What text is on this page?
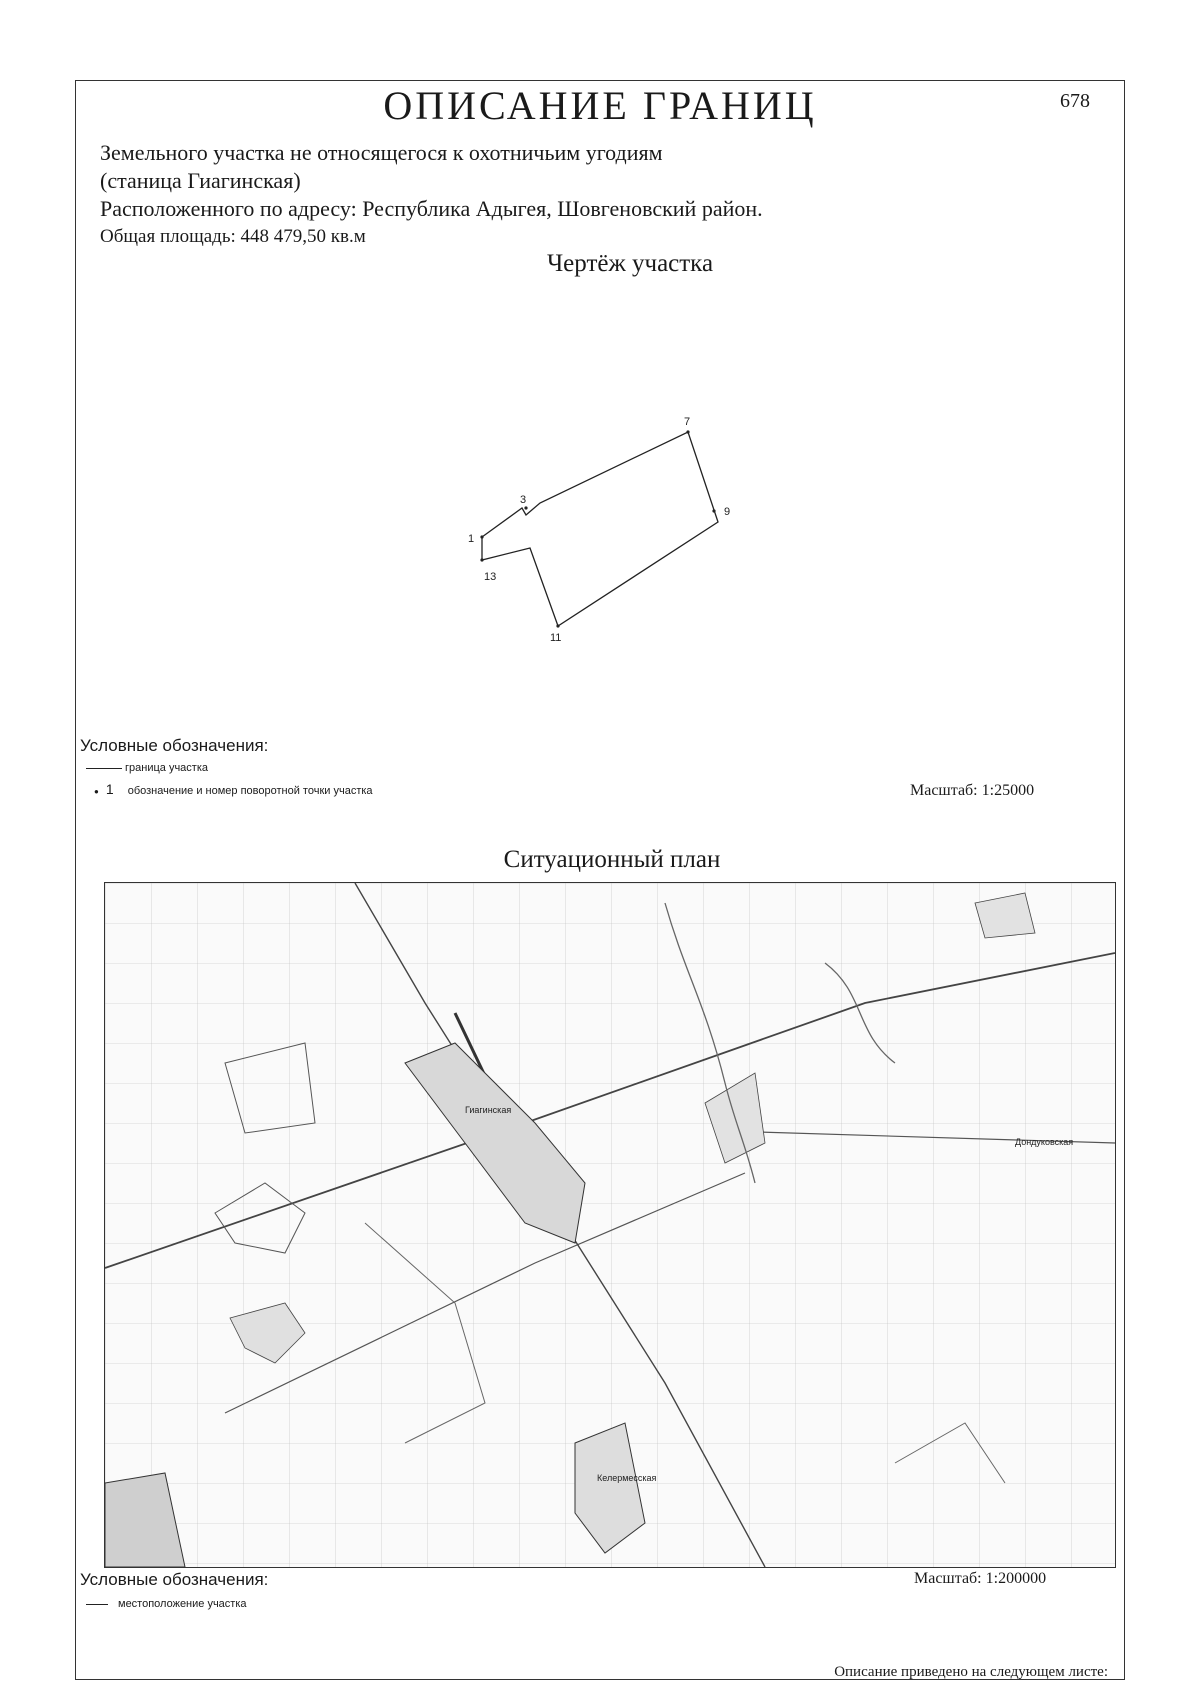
ОПИСАНИЕ ГРАНИЦ	678
Земельного участка не относящегося к охотничьим угодиям
(станица Гиагинская)
Расположенного по адресу: Республика Адыгея, Шовгеновский район.
Общая площадь: 448 479,50 кв.м
Чертёж участка
1
3
7
9
11
13
Условные обозначения:
граница участка
● 1 обозначение и номер поворотной точки участка	Масштаб: 1:25000
Ситуационный план
Гиагинская
Дондуковская
Келермесская
Условные обозначения:
местоположение участка
Масштаб: 1:200000
Описание приведено на следующем листе:
